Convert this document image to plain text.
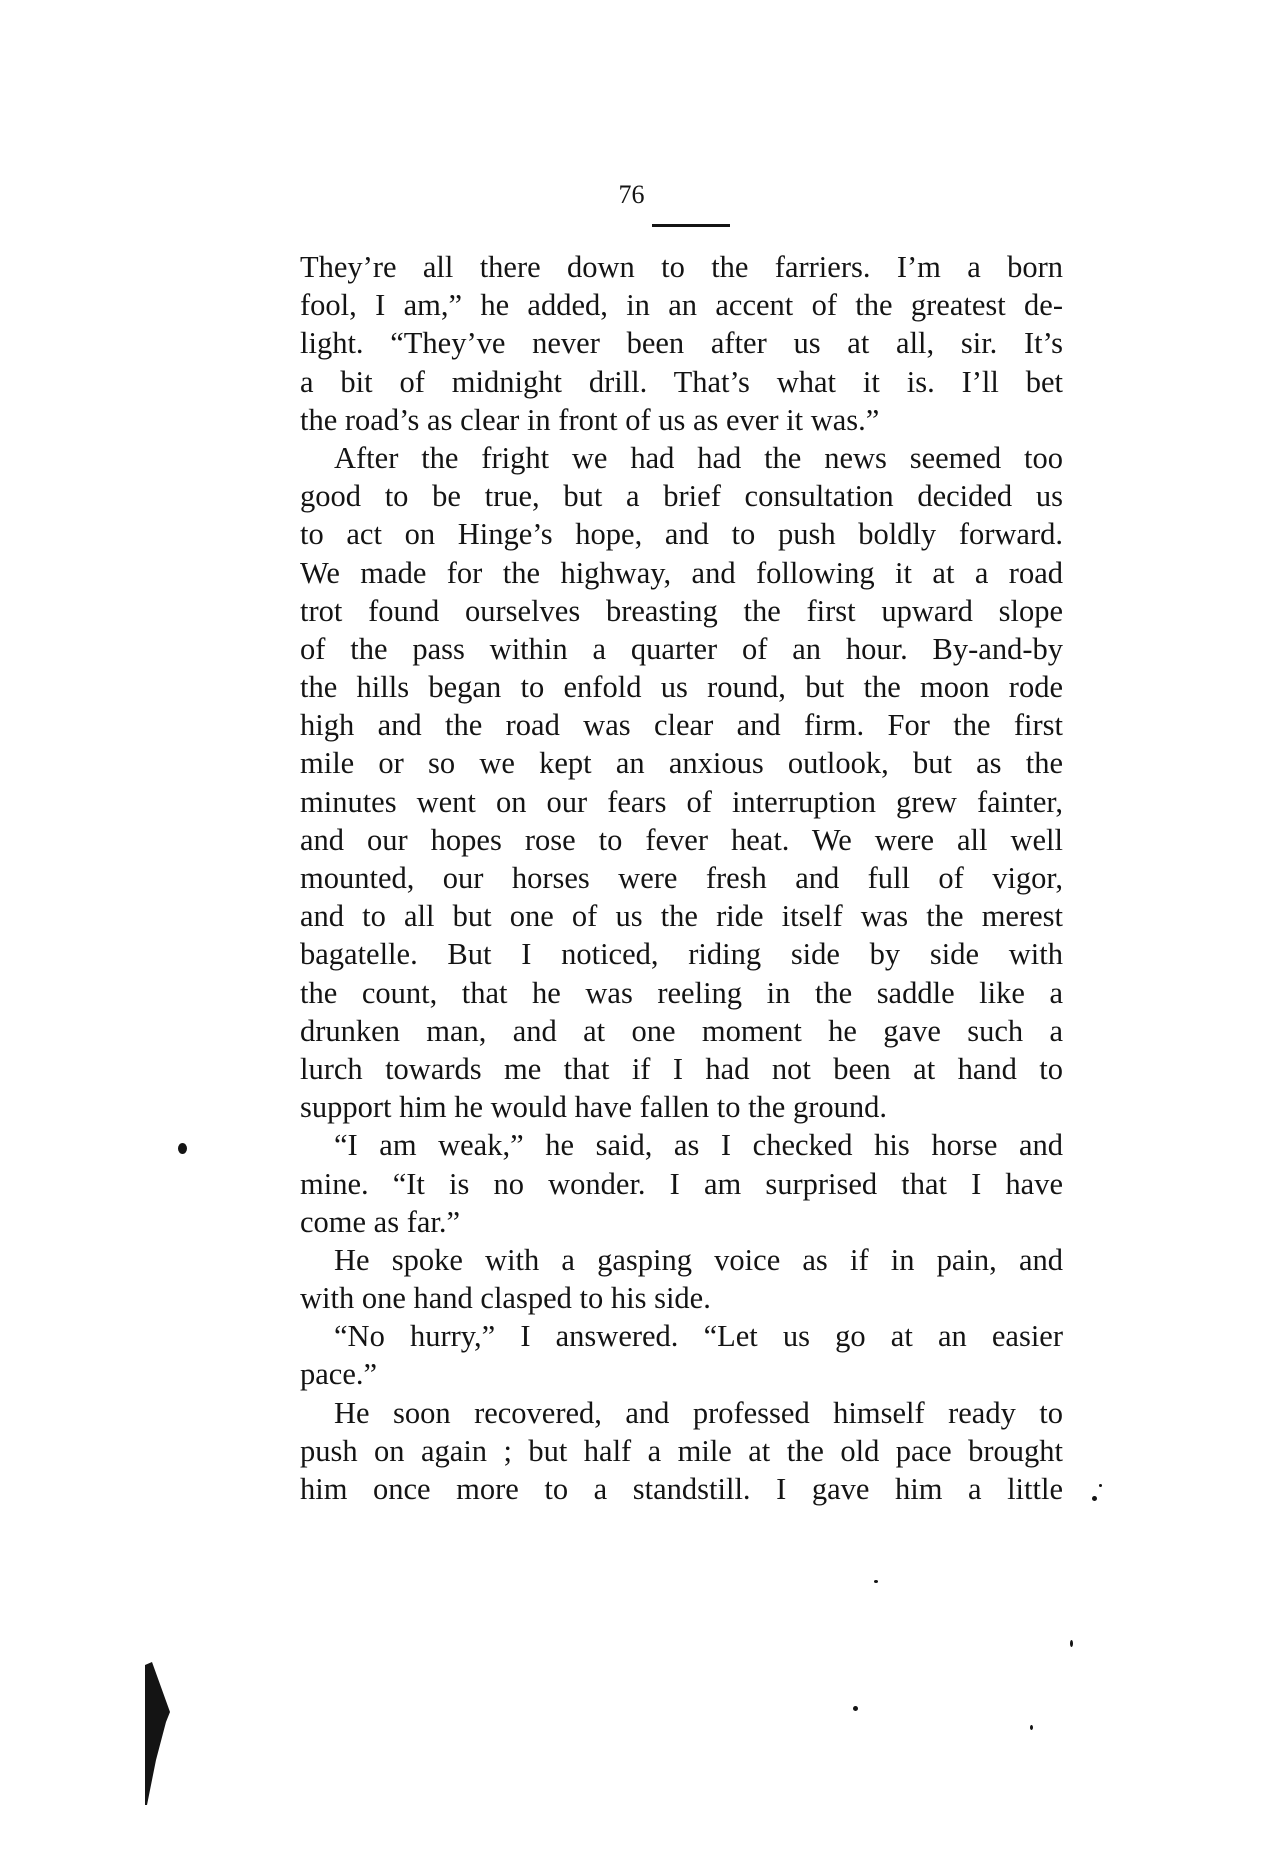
76
They’re all there down to the farriers. I’m a born
fool, I am,” he added, in an accent of the greatest de-
light. “They’ve never been after us at all, sir. It’s
a bit of midnight drill. That’s what it is. I’ll bet
the road’s as clear in front of us as ever it was.”
After the fright we had had the news seemed too
good to be true, but a brief consultation decided us
to act on Hinge’s hope, and to push boldly forward.
We made for the highway, and following it at a road
trot found ourselves breasting the first upward slope
of the pass within a quarter of an hour. By-and-by
the hills began to enfold us round, but the moon rode
high and the road was clear and firm. For the first
mile or so we kept an anxious outlook, but as the
minutes went on our fears of interruption grew fainter,
and our hopes rose to fever heat. We were all well
mounted, our horses were fresh and full of vigor,
and to all but one of us the ride itself was the merest
bagatelle. But I noticed, riding side by side with
the count, that he was reeling in the saddle like a
drunken man, and at one moment he gave such a
lurch towards me that if I had not been at hand to
support him he would have fallen to the ground.
“I am weak,” he said, as I checked his horse and
mine. “It is no wonder. I am surprised that I have
come as far.”
He spoke with a gasping voice as if in pain, and
with one hand clasped to his side.
“No hurry,” I answered. “Let us go at an easier
pace.”
He soon recovered, and professed himself ready to
push on again ; but half a mile at the old pace brought
him once more to a standstill. I gave him a little
